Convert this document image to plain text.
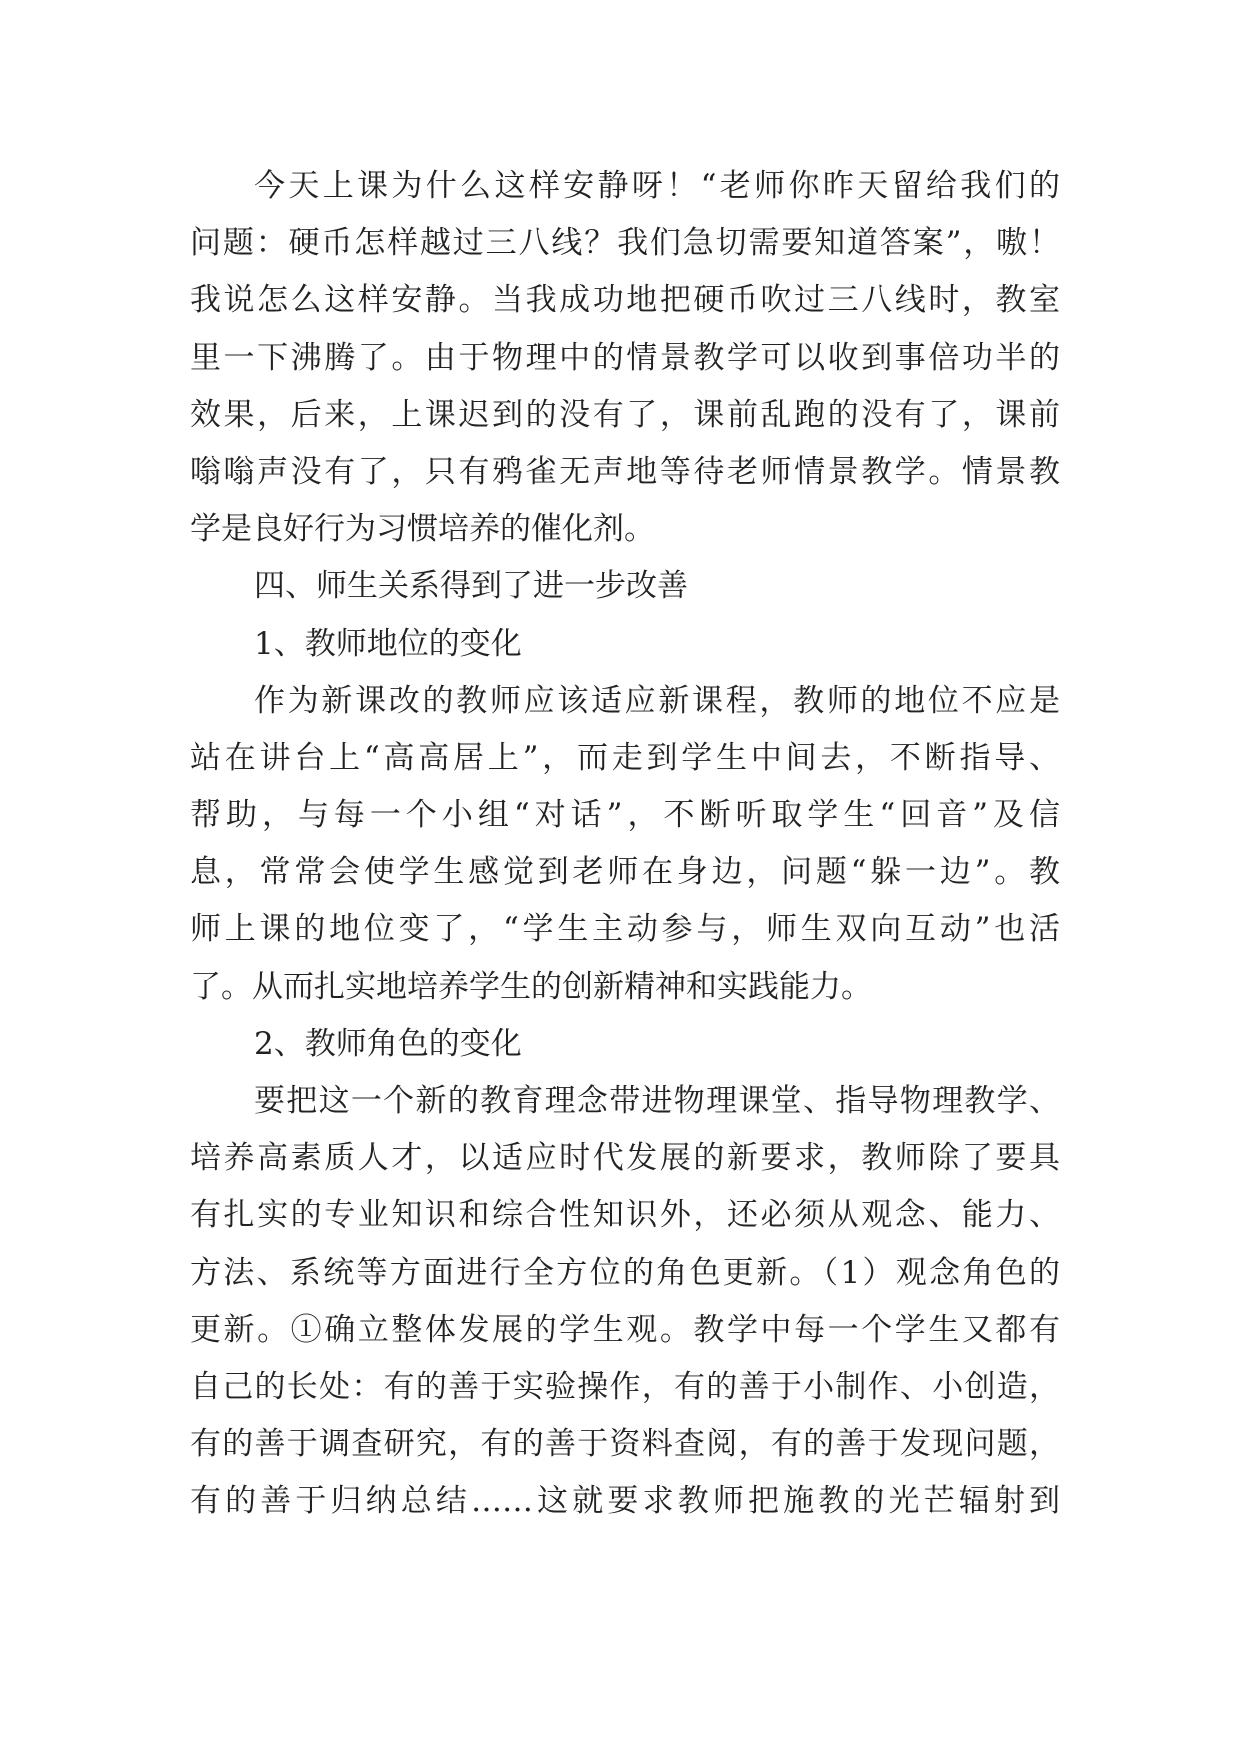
今天上课为什么这样安静呀！“老师你昨天留给我们的
问题：硬币怎样越过三八线？我们急切需要知道答案”，嗷！
我说怎么这样安静。当我成功地把硬币吹过三八线时，教室
里一下沸腾了。由于物理中的情景教学可以收到事倍功半的
效果，后来，上课迟到的没有了，课前乱跑的没有了，课前
嗡嗡声没有了，只有鸦雀无声地等待老师情景教学。情景教
学是良好行为习惯培养的催化剂。
四、师生关系得到了进一步改善
1、教师地位的变化
作为新课改的教师应该适应新课程，教师的地位不应是
站在讲台上“高高居上”，而走到学生中间去，不断指导、
帮助，与每一个小组“对话”，不断听取学生“回音”及信
息，常常会使学生感觉到老师在身边，问题“躲一边”。教
师上课的地位变了，“学生主动参与，师生双向互动”也活
了。从而扎实地培养学生的创新精神和实践能力。
2、教师角色的变化
要把这一个新的教育理念带进物理课堂、指导物理教学、
培养高素质人才，以适应时代发展的新要求，教师除了要具
有扎实的专业知识和综合性知识外，还必须从观念、能力、
方法、系统等方面进行全方位的角色更新。（1）观念角色的
更新。①确立整体发展的学生观。教学中每一个学生又都有
自己的长处：有的善于实验操作，有的善于小制作、小创造，
有的善于调查研究，有的善于资料查阅，有的善于发现问题，
有的善于归纳总结……这就要求教师把施教的光芒辐射到
